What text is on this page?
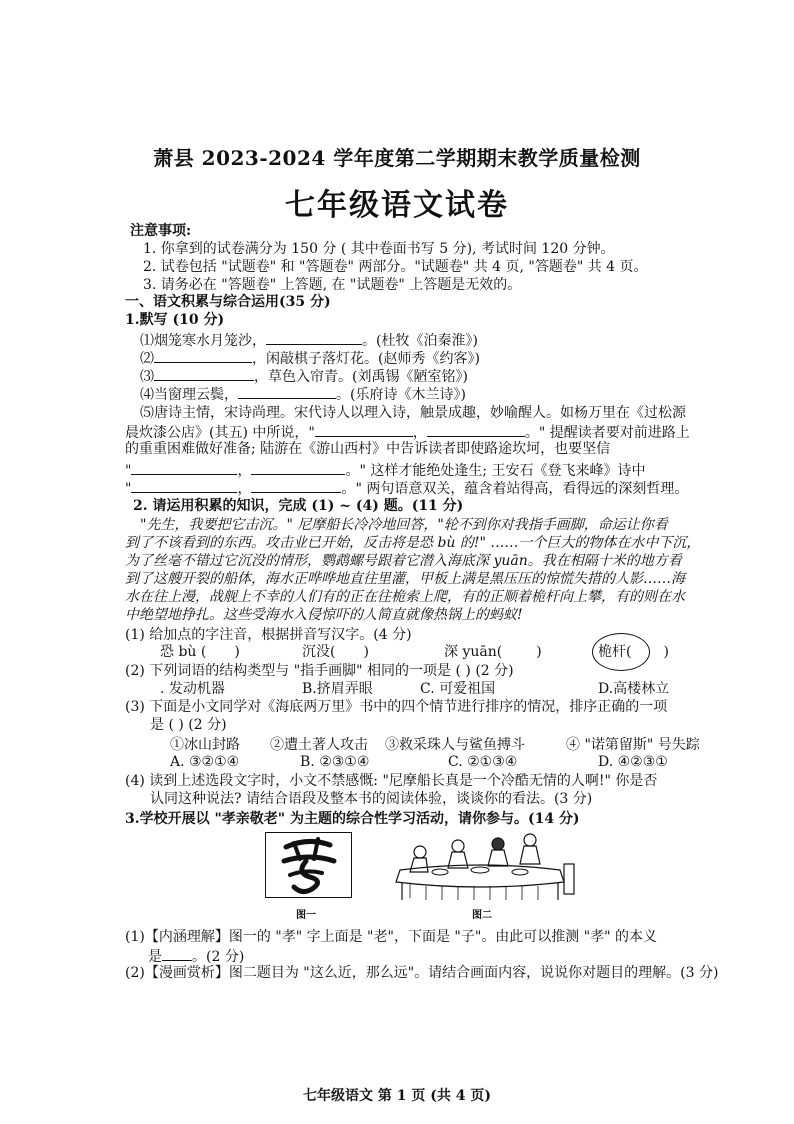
萧县 2023-2024 学年度第二学期期末教学质量检测
七年级语文试卷
注意事项:
1. 你拿到的试卷满分为 150 分 ( 其中卷面书写 5 分), 考试时间 120 分钟。
2. 试卷包括 "试题卷" 和 "答题卷" 两部分。"试题卷" 共 4 页, "答题卷" 共 4 页。
3. 请务必在 "答题卷" 上答题, 在 "试题卷" 上答题是无效的。
一、语文积累与综合运用(35 分)
1.默写 (10 分)
⑴烟笼寒水月笼沙，	。(杜牧《泊秦淮》)
⑵	，闲敲棋子落灯花。(赵师秀《约客》)
⑶	，草色入帘青。(刘禹锡《陋室铭》)
⑷当窗理云鬓，	。(乐府诗《木兰诗》)
⑸唐诗主情，宋诗尚理。宋代诗人以理入诗，触景成趣，妙喻醒人。如杨万里在《过松源
晨炊漆公店》(其五) 中所说，"	，	。" 提醒读者要对前进路上
的重重困难做好准备; 陆游在《游山西村》中告诉读者即使路途坎坷，也要坚信
"	，	。" 这样才能绝处逢生; 王安石《登飞来峰》诗中
"	，	。" 两句语意双关，蕴含着站得高，看得远的深刻哲理。
2. 请运用积累的知识，完成 (1) ~ (4) 题。(11 分)
"先生，我要把它击沉。" 尼摩船长冷冷地回答，"轮不到你对我指手画脚，命运让你看
到了不该看到的东西。攻击业已开始，反击将是恐 bù 的!" ……一个巨大的物体在水中下沉，
为了丝毫不错过它沉没的情形，鹦鹉螺号跟着它潜入海底深 yuān。我在相隔十米的地方看
到了这艘开裂的船体，海水正哗哗地直往里灌，甲板上满是黑压压的惊慌失措的人影……海
水在往上漫，战舰上不幸的人们有的正在往桅索上爬，有的正顺着桅杆向上攀，有的则在水
中绝望地挣扎。这些受海水入侵惊吓的人简直就像热锅上的蚂蚁!
(1) 给加点的字注音，根据拼音写汉字。(4 分)
恐 bù ( )	沉没( )	深 yuān( )	桅杆( )
(2) 下列词语的结构类型与 "指手画脚" 相同的一项是 ( ) (2 分)
. 发动机器	B.挤眉弄眼	C. 可爱祖国	D.高楼林立
(3) 下面是小文同学对《海底两万里》书中的四个情节进行排序的情况，排序正确的一项
是 ( ) (2 分)
①冰山封路 ②遭土著人攻击 ③救采珠人与鲨鱼搏斗	④ "诺第留斯" 号失踪
A. ③②①④	B. ②③①④	C. ②①③④	D. ④②③①
(4) 读到上述选段文字时，小文不禁感慨: "尼摩船长真是一个冷酷无情的人啊!" 你是否
认同这种说法? 请结合语段及整本书的阅读体验，谈谈你的看法。(3 分)
3.学校开展以 "孝亲敬老" 为主题的综合性学习活动，请你参与。(14 分)
图一	图二
(1)【内涵理解】图一的 "孝" 字上面是 "老"，下面是 "子"。由此可以推测 "孝" 的本义
是 。(2 分)
(2)【漫画赏析】图二题目为 "这么近，那么远"。请结合画面内容，说说你对题目的理解。(3 分)
七年级语文 第 1 页 (共 4 页)
